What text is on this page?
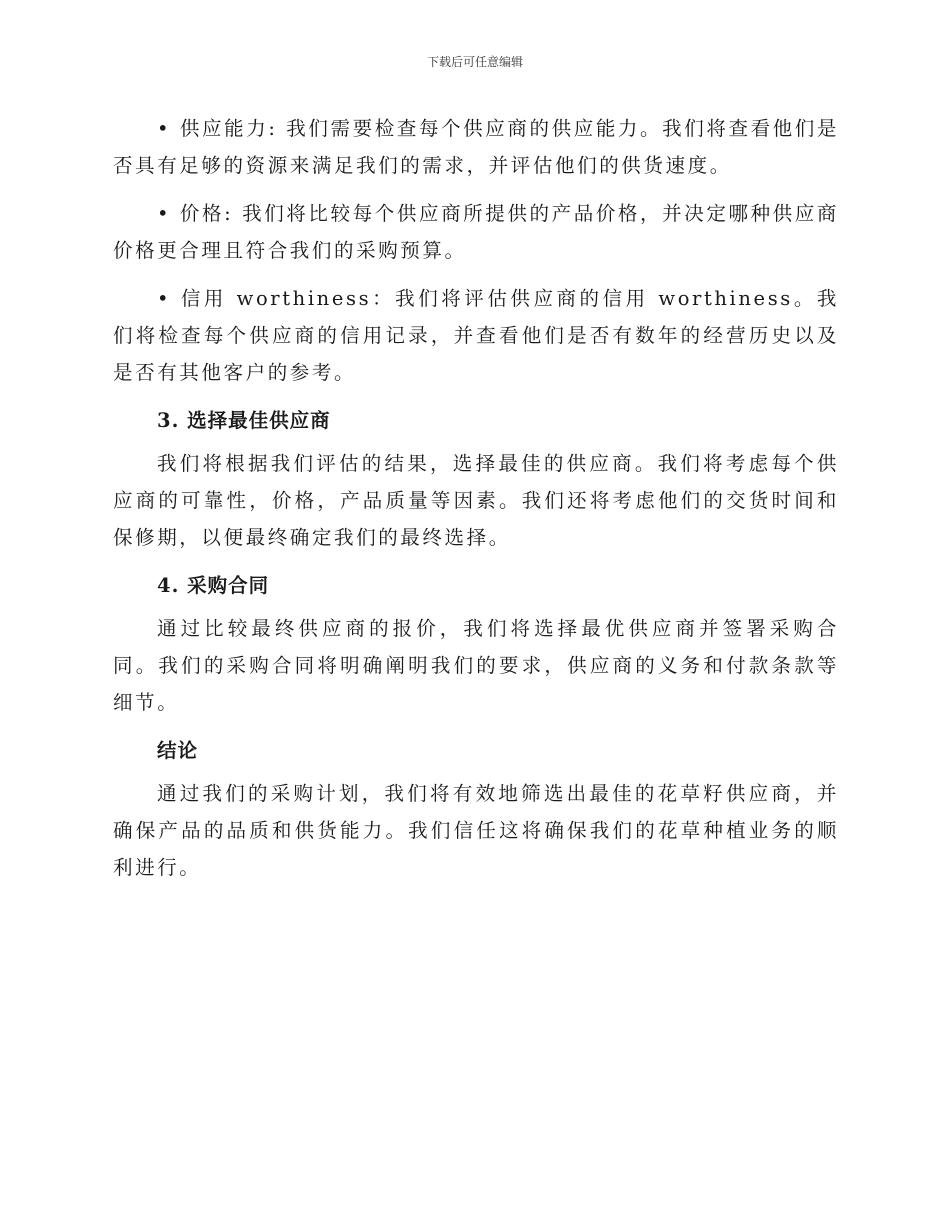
下载后可任意编辑

• 供应能力: 我们需要检查每个供应商的供应能力。我们将查看他们是否具有足够的资源来满足我们的需求，并评估他们的供货速度。

• 价格: 我们将比较每个供应商所提供的产品价格，并决定哪种供应商价格更合理且符合我们的采购预算。

• 信用 worthiness：我们将评估供应商的信用 worthiness。我们将检查每个供应商的信用记录，并查看他们是否有数年的经营历史以及是否有其他客户的参考。

3. 选择最佳供应商

我们将根据我们评估的结果，选择最佳的供应商。我们将考虑每个供应商的可靠性，价格，产品质量等因素。我们还将考虑他们的交货时间和保修期，以便最终确定我们的最终选择。

4. 采购合同

通过比较最终供应商的报价，我们将选择最优供应商并签署采购合同。我们的采购合同将明确阐明我们的要求，供应商的义务和付款条款等细节。

结论

通过我们的采购计划，我们将有效地筛选出最佳的花草籽供应商，并确保产品的品质和供货能力。我们信任这将确保我们的花草种植业务的顺利进行。
